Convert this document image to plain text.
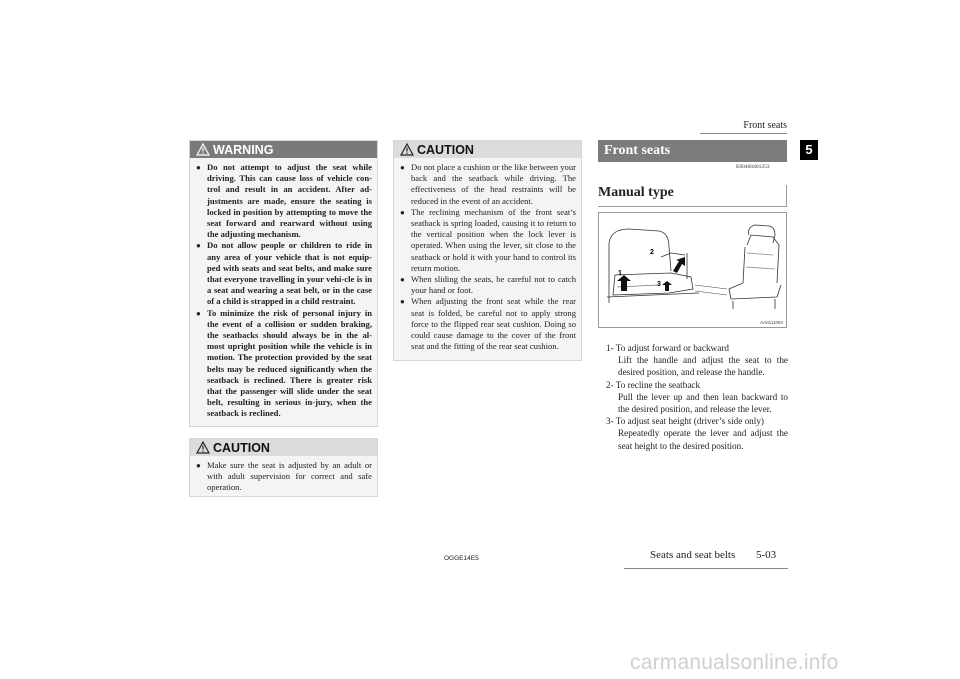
Front seats
5
WARNING
● Do not attempt to adjust the seat while driving. This can cause loss of vehicle con-trol and result in an accident. After ad-justments are made, ensure the seating is locked in position by attempting to move the seat forward and rearward without using the adjusting mechanism.
● Do not allow people or children to ride in any area of your vehicle that is not equip-ped with seats and seat belts, and make sure that everyone travelling in your vehi-cle is in a seat and wearing a seat belt, or in the case of a child is strapped in a child restraint.
● To minimize the risk of personal injury in the event of a collision or sudden braking, the seatbacks should always be in the al-most upright position while the vehicle is in motion. The protection provided by the seat belts may be reduced significantly when the seatback is reclined. There is greater risk that the passenger will slide under the seat belt, resulting in serious in-jury, when the seatback is reclined.
CAUTION
● Make sure the seat is adjusted by an adult or with adult supervision for correct and safe operation.
CAUTION
● Do not place a cushion or the like between your back and the seatback while driving. The effectiveness of the head restraints will be reduced in the event of an accident.
● The reclining mechanism of the front seat’s seatback is spring loaded, causing it to return to the vertical position when the lock lever is operated. When using the lever, sit close to the seatback or hold it with your hand to control its return motion.
● When sliding the seats, be careful not to catch your hand or foot.
● When adjusting the front seat while the rear seat is folded, be careful not to apply strong force to the flipped rear seat cushion. Doing so could cause damage to the cover of the front seat and the fitting of the rear seat cushion.
Front seats
E00400401253
Manual type
1
2
3
AA0111094
1- To adjust forward or backward
Lift the handle and adjust the seat to the desired position, and release the handle.
2- To recline the seatback
Pull the lever up and then lean backward to the desired position, and release the lever.
3- To adjust seat height (driver’s side only)
Repeatedly operate the lever and adjust the seat height to the desired position.
OGGE14E5	Seats and seat belts 5-03
carmanualsonline.info
